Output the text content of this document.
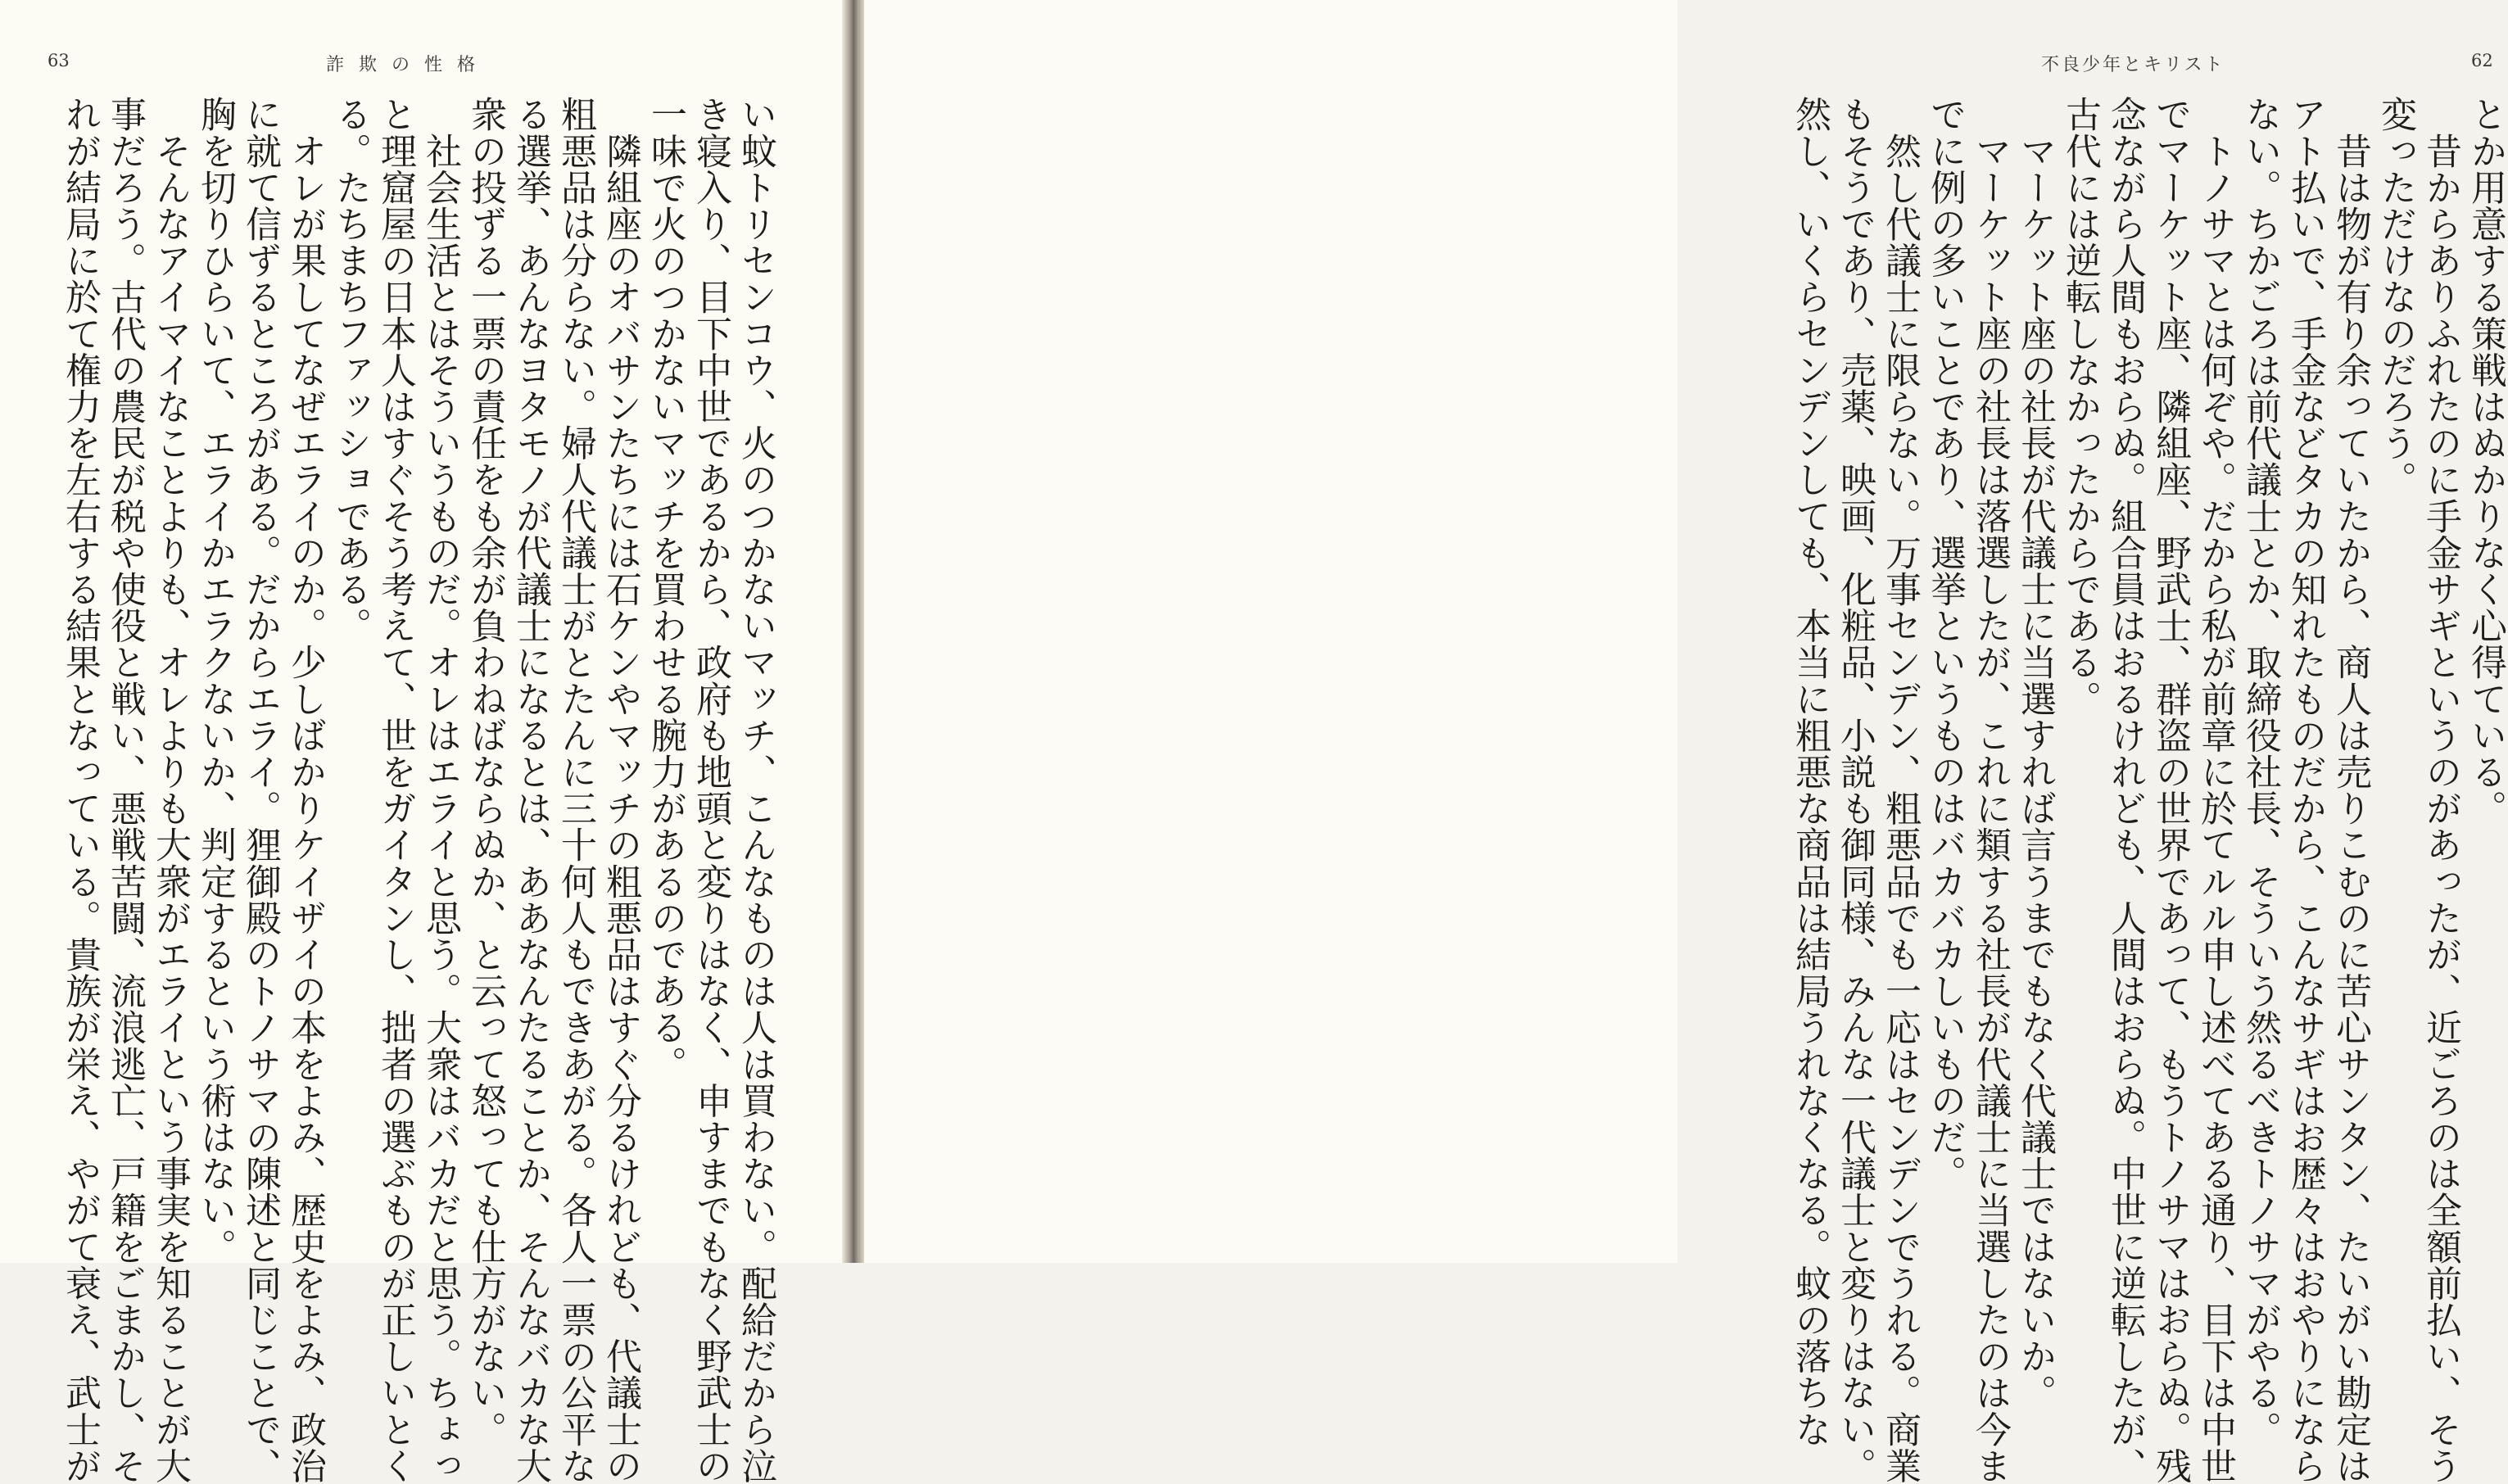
63	詐欺の性格
い蚊トリセンコウ、火のつかないマッチ、こんなものは人は買わない。配給だから泣
き寝入り、目下中世であるから、政府も地頭と変りはなく、申すまでもなく野武士の
一味で火のつかないマッチを買わせる腕力があるのである。
　隣組座のオバサンたちには石ケンやマッチの粗悪品はすぐ分るけれども、代議士の
粗悪品は分らない。婦人代議士がとたんに三十何人もできあがる。各人一票の公平な
る選挙、あんなヨタモノが代議士になるとは、ああなんたることか、そんなバカな大
衆の投ずる一票の責任をも余が負わねばならぬか、と云って怒っても仕方がない。
　社会生活とはそういうものだ。オレはエライと思う。大衆はバカだと思う。ちょっ
と理窟屋の日本人はすぐそう考えて、世をガイタンし、拙者の選ぶものが正しいとく
る。たちまちファッショである。
　オレが果してなぜエライのか。少しばかりケイザイの本をよみ、歴史をよみ、政治
に就て信ずるところがある。だからエライ。狸御殿のトノサマの陳述と同じことで、
胸を切りひらいて、エライかエラクないか、判定するという術はない。
　そんなアイマイなことよりも、オレよりも大衆がエライという事実を知ることが大
事だろう。古代の農民が税や使役と戦い、悪戦苦闘、流浪逃亡、戸籍をごまかし、そ
れが結局に於て権力を左右する結果となっている。貴族が栄え、やがて衰え、武士が
不良少年とキリスト	62
とか用意する策戦はぬかりなく心得ている。
　昔からありふれたのに手金サギというのがあったが、近ごろのは全額前払い、そう
変っただけなのだろう。
　昔は物が有り余っていたから、商人は売りこむのに苦心サンタン、たいがい勘定は
アト払いで、手金などタカの知れたものだから、こんなサギはお歴々はおやりになら
ない。ちかごろは前代議士とか、取締役社長、そういう然るべきトノサマがやる。
　トノサマとは何ぞや。だから私が前章に於てルル申し述べてある通り、目下は中世
でマーケット座、隣組座、野武士、群盗の世界であって、もうトノサマはおらぬ。残
念ながら人間もおらぬ。組合員はおるけれども、人間はおらぬ。中世に逆転したが、
古代には逆転しなかったからである。
　マーケット座の社長が代議士に当選すれば言うまでもなく代議士ではないか。
　マーケット座の社長は落選したが、これに類する社長が代議士に当選したのは今ま
でに例の多いことであり、選挙というものはバカバカしいものだ。
　然し代議士に限らない。万事センデン、粗悪品でも一応はセンデンでうれる。商業
もそうであり、売薬、映画、化粧品、小説も御同様、みんな一代議士と変りはない。
然し、いくらセンデンしても、本当に粗悪な商品は結局うれなくなる。蚊の落ちな
